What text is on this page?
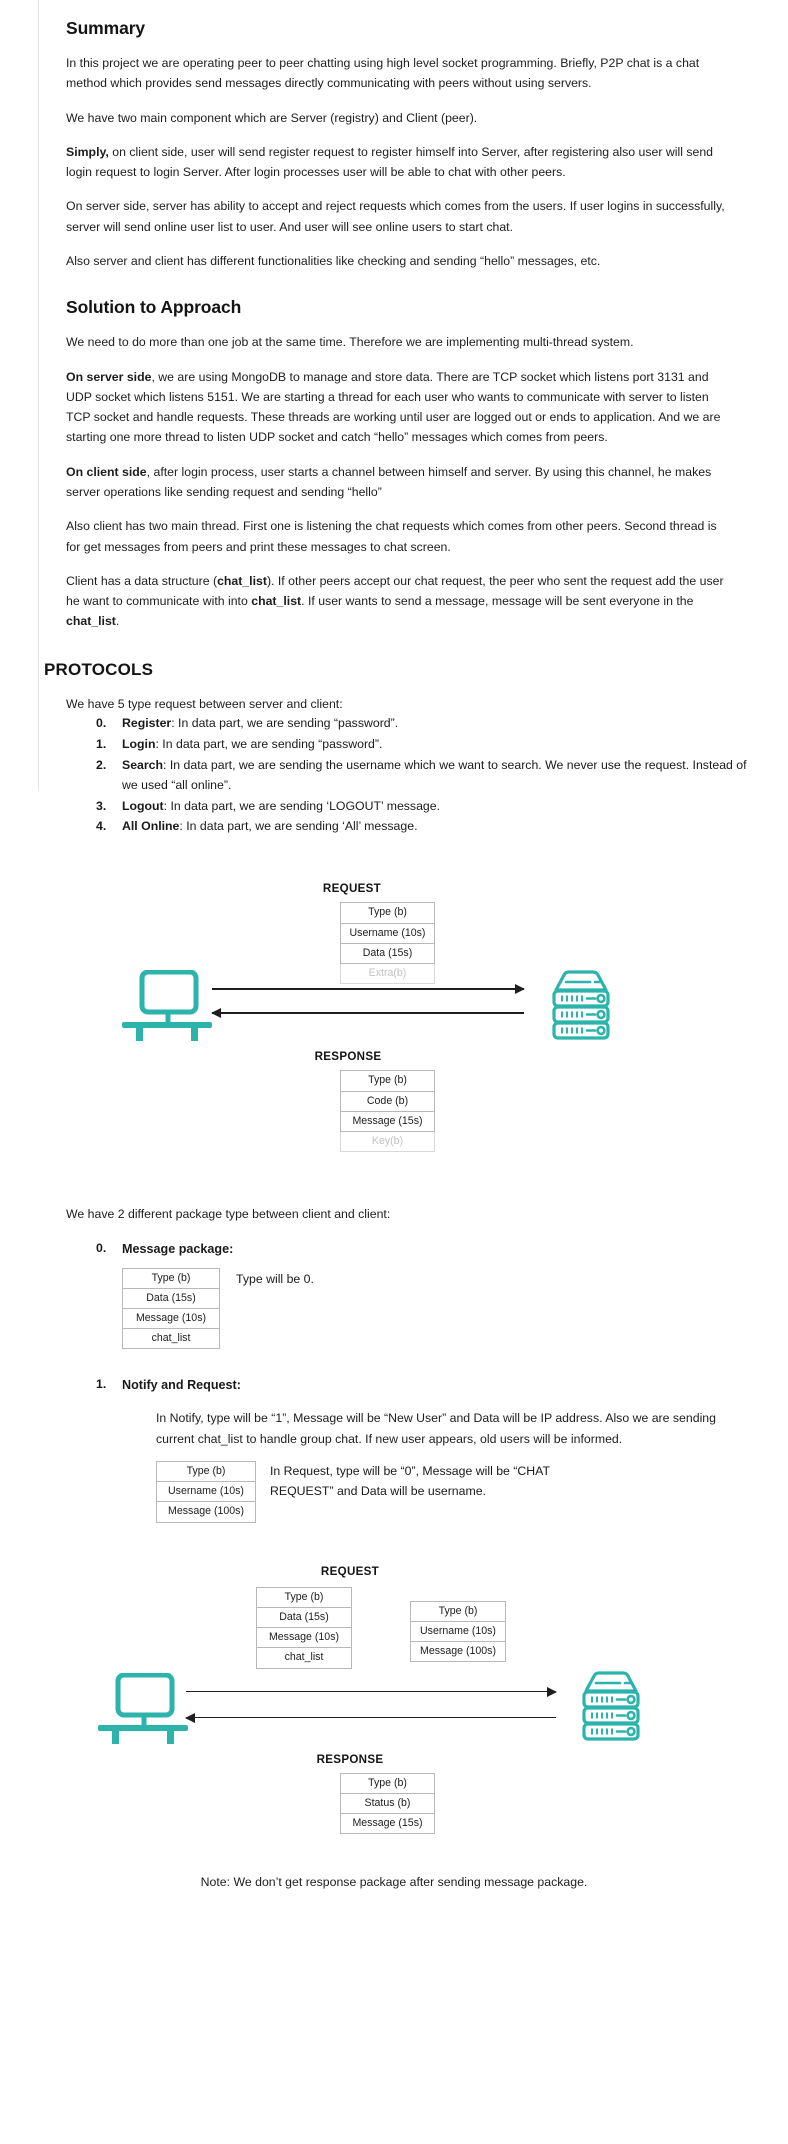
Summary

In this project we are operating peer to peer chatting using high level socket programming. Briefly, P2P chat is a chat method which provides send messages directly communicating with peers without using servers.

We have two main component which are Server (registry) and Client (peer).

Simply, on client side, user will send register request to register himself into Server, after registering also user will send login request to login Server. After login processes user will be able to chat with other peers.

On server side, server has ability to accept and reject requests which comes from the users. If user logins in successfully, server will send online user list to user. And user will see online users to start chat.

Also server and client has different functionalities like checking and sending “hello” messages, etc.

Solution to Approach

We need to do more than one job at the same time. Therefore we are implementing multi-thread system.

On server side, we are using MongoDB to manage and store data. There are TCP socket which listens port 3131 and UDP socket which listens 5151. We are starting a thread for each user who wants to communicate with server to listen TCP socket and handle requests. These threads are working until user are logged out or ends to application. And we are starting one more thread to listen UDP socket and catch “hello” messages which comes from peers.

On client side, after login process, user starts a channel between himself and server. By using this channel, he makes server operations like sending request and sending “hello”

Also client has two main thread. First one is listening the chat requests which comes from other peers. Second thread is for get messages from peers and print these messages to chat screen.

Client has a data structure (chat_list). If other peers accept our chat request, the peer who sent the request add the user he want to communicate with into chat_list. If user wants to send a message, message will be sent everyone in the chat_list.

PROTOCOLS

We have 5 type request between server and client:

Register: In data part, we are sending “password”.
Login: In data part, we are sending “password”.
Search: In data part, we are sending the username which we want to search. We never use the request. Instead of we used “all online”.
Logout: In data part, we are sending ‘LOGOUT’ message.
All Online: In data part, we are sending ‘All’ message.
REQUEST
Type (b)
Username (10s)
Data (15s)
Extra(b)
RESPONSE
Type (b)
Code (b)
Message (15s)
Key(b)

We have 2 different package type between client and client:

Message package:
Type (b)
Data (15s)
Message (10s)
chat_list
Type will be 0.
Notify and Request:

In Notify, type will be “1”, Message will be “New User” and Data will be IP address. Also we are sending current chat_list to handle group chat. If new user appears, old users will be informed.

Type (b)
Username (10s)
Message (100s)
In Request, type will be “0”, Message will be “CHAT REQUEST” and Data will be username.
REQUEST
Type (b)
Data (15s)
Message (10s)
chat_list
Type (b)
Username (10s)
Message (100s)
RESPONSE
Type (b)
Status (b)
Message (15s)

Note: We don’t get response package after sending message package.
